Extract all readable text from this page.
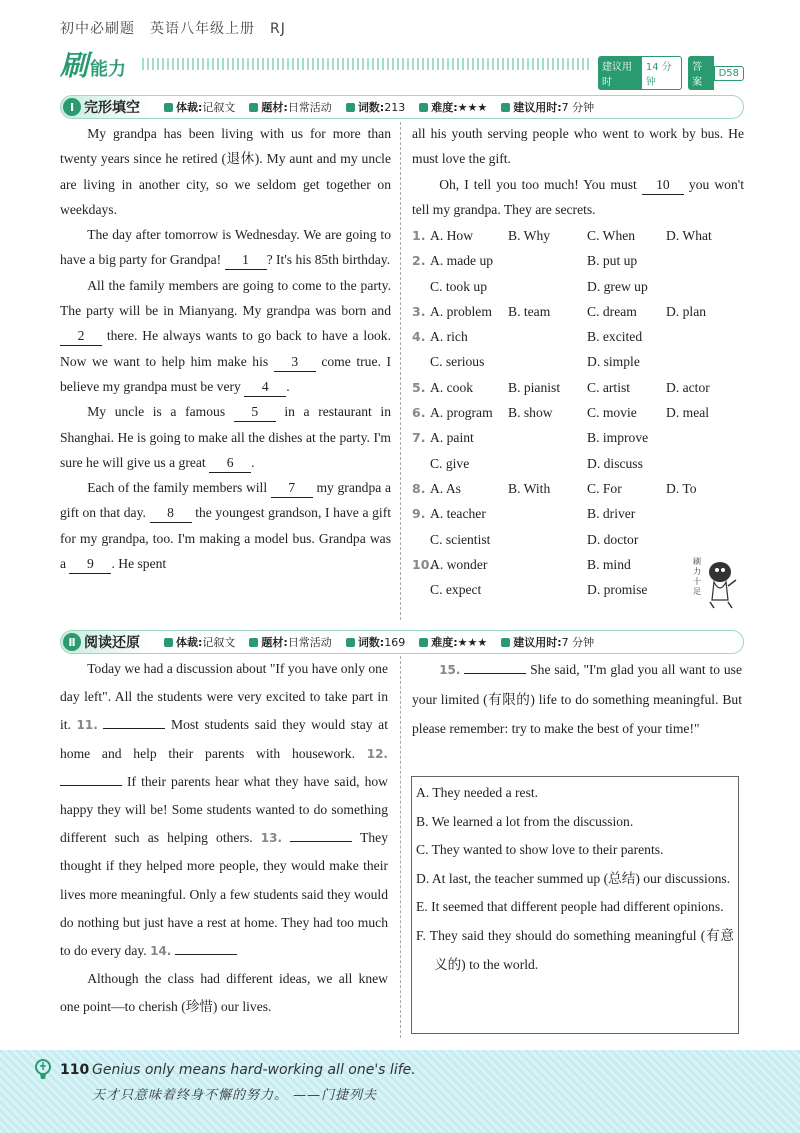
初中必刷题　英语八年级上册　RJ
刷 能力	建议用时
14 分钟
答案
D58
Ⅰ 完形填空	体裁:记叙文	题材:日常活动	词数:213	难度:★★★	建议用时:7 分钟

My grandpa has been living with us for more than twenty years since he retired (退休). My aunt and my uncle are living in another city, so we seldom get together on weekdays.

The day after tomorrow is Wednesday. We are going to have a big party for Grandpa! 1 ? It's his 85th birthday.

All the family members are going to come to the party. The party will be in Mianyang. My grandpa was born and 2 there. He always wants to go back to have a look. Now we want to help him make his 3 come true. I believe my grandpa must be very 4 .

My uncle is a famous 5 in a restaurant in Shanghai. He is going to make all the dishes at the party. I'm sure he will give us a great 6 .

Each of the family members will 7 my grandpa a gift on that day. 8 the youngest grandson, I have a gift for my grandpa, too. I'm making a model bus. Grandpa was a 9 . He spent

all his youth serving people who went to work by bus. He must love the gift.

Oh, I tell you too much! You must 10 you won't tell my grandpa. They are secrets.

1. A. How	B. Why	C. When D. What
2. A. made up	B. put up
C. took up	D. grew up
3. A. problem B. team	C. dream D. plan
4. A. rich	B. excited
C. serious	D. simple
5. A. cook	B. pianist C. artist	D. actor
6. A. program B. show	C. movie D. meal
7. A. paint	B. improve
C. give	D. discuss
8. A. As	B. With	C. For	D. To
9. A. teacher	B. driver
C. scientist	D. doctor
10.
A. wonder	B. mind
C. expect	D. promise
刷 力 十 足
Ⅱ 阅读还原	体裁:记叙文	题材:日常活动	词数:169	难度:★★★	建议用时:7 分钟

Today we had a discussion about "If you have only one day left". All the students were very excited to take part in it. 11.	Most students said they would stay at home and help their parents with housework. 12.  If their parents hear what they have said, how happy they will be! Some students wanted to do something different such as helping others. 13.	They thought if they helped more people, they would make their lives more meaningful. Only a few students said they would do nothing but just have a rest at home. They had too much to do every day. 14.

Although the class had different ideas, we all knew one point—to cherish (珍惜) our lives.

15.	She said, "I'm glad you all want to use your limited (有限的) life to do something meaningful. But please remember: try to make the best of your time!"

A. They needed a rest.
B. We learned a lot from the discussion.
C. They wanted to show love to their parents.
D. At last, the teacher summed up (总结) our discussions.
E. It seemed that different people had different opinions.
F. They said they should do something meaningful (有意义的) to the world.
110 Genius only means hard-working all one's life.
天才只意味着终身不懈的努力。 ——门捷列夫
